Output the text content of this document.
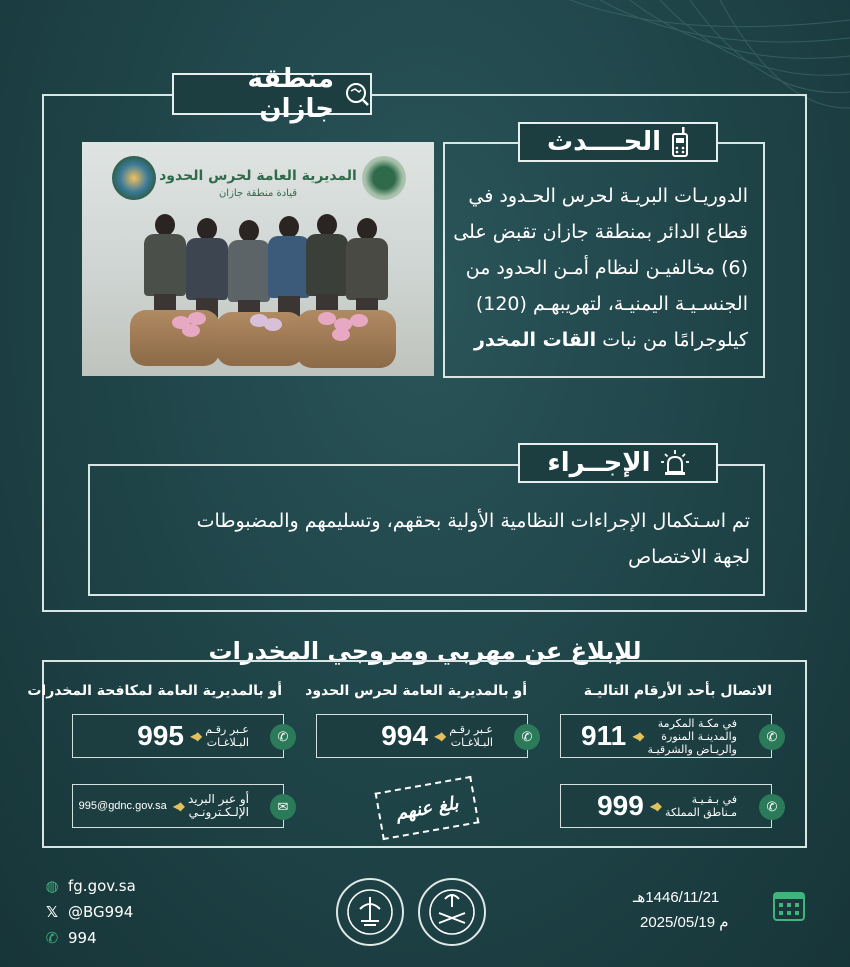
منطقة جازان
الحــــدث
الدوريـات البريـة لحرس الحـدود في
قطاع الدائر بمنطقة جازان تقبض على
(6) مخالفيـن لنظام أمـن الحدود من
الجنسـيـة اليمنيـة، لتهريبهـم (120)
كيلوجرامًا من نبات القات المخدر
المديرية العامة لحرس الحدود
قيادة منطقة جازان
الإجــراء
تم اسـتكمال الإجراءات النظامية الأولية بحقهم، وتسليمهم والمضبوطات
لجهة الاختصاص
للإبلاغ عن مهربي ومروجي المخدرات
الاتصال بأحد الأرقام التاليـة
أو بالمديرية العامة لحرس الحدود
أو بالمديرية العامة لمكافحة المخدرات
في مكـة المكرمة
والمدينـة المنورة
والريـاض والشرقيـة
◆◂
911	✆
في بـقـيـة
مـناطق المملكة
◆◂
999	✆
عـبر رقـم
البـلاغـات
◆◂
994	✆
عـبر رقـم
البـلاغـات
◆◂
995	✆
أو عبر البريد
الإلـكـترونـي
◆◂
995@gdnc.gov.sa	✉	بلغ عنهم
◍ fg.gov.sa
𝕏 @BG994
✆ 994
1446/11/21هـ
2025/05/19 م
